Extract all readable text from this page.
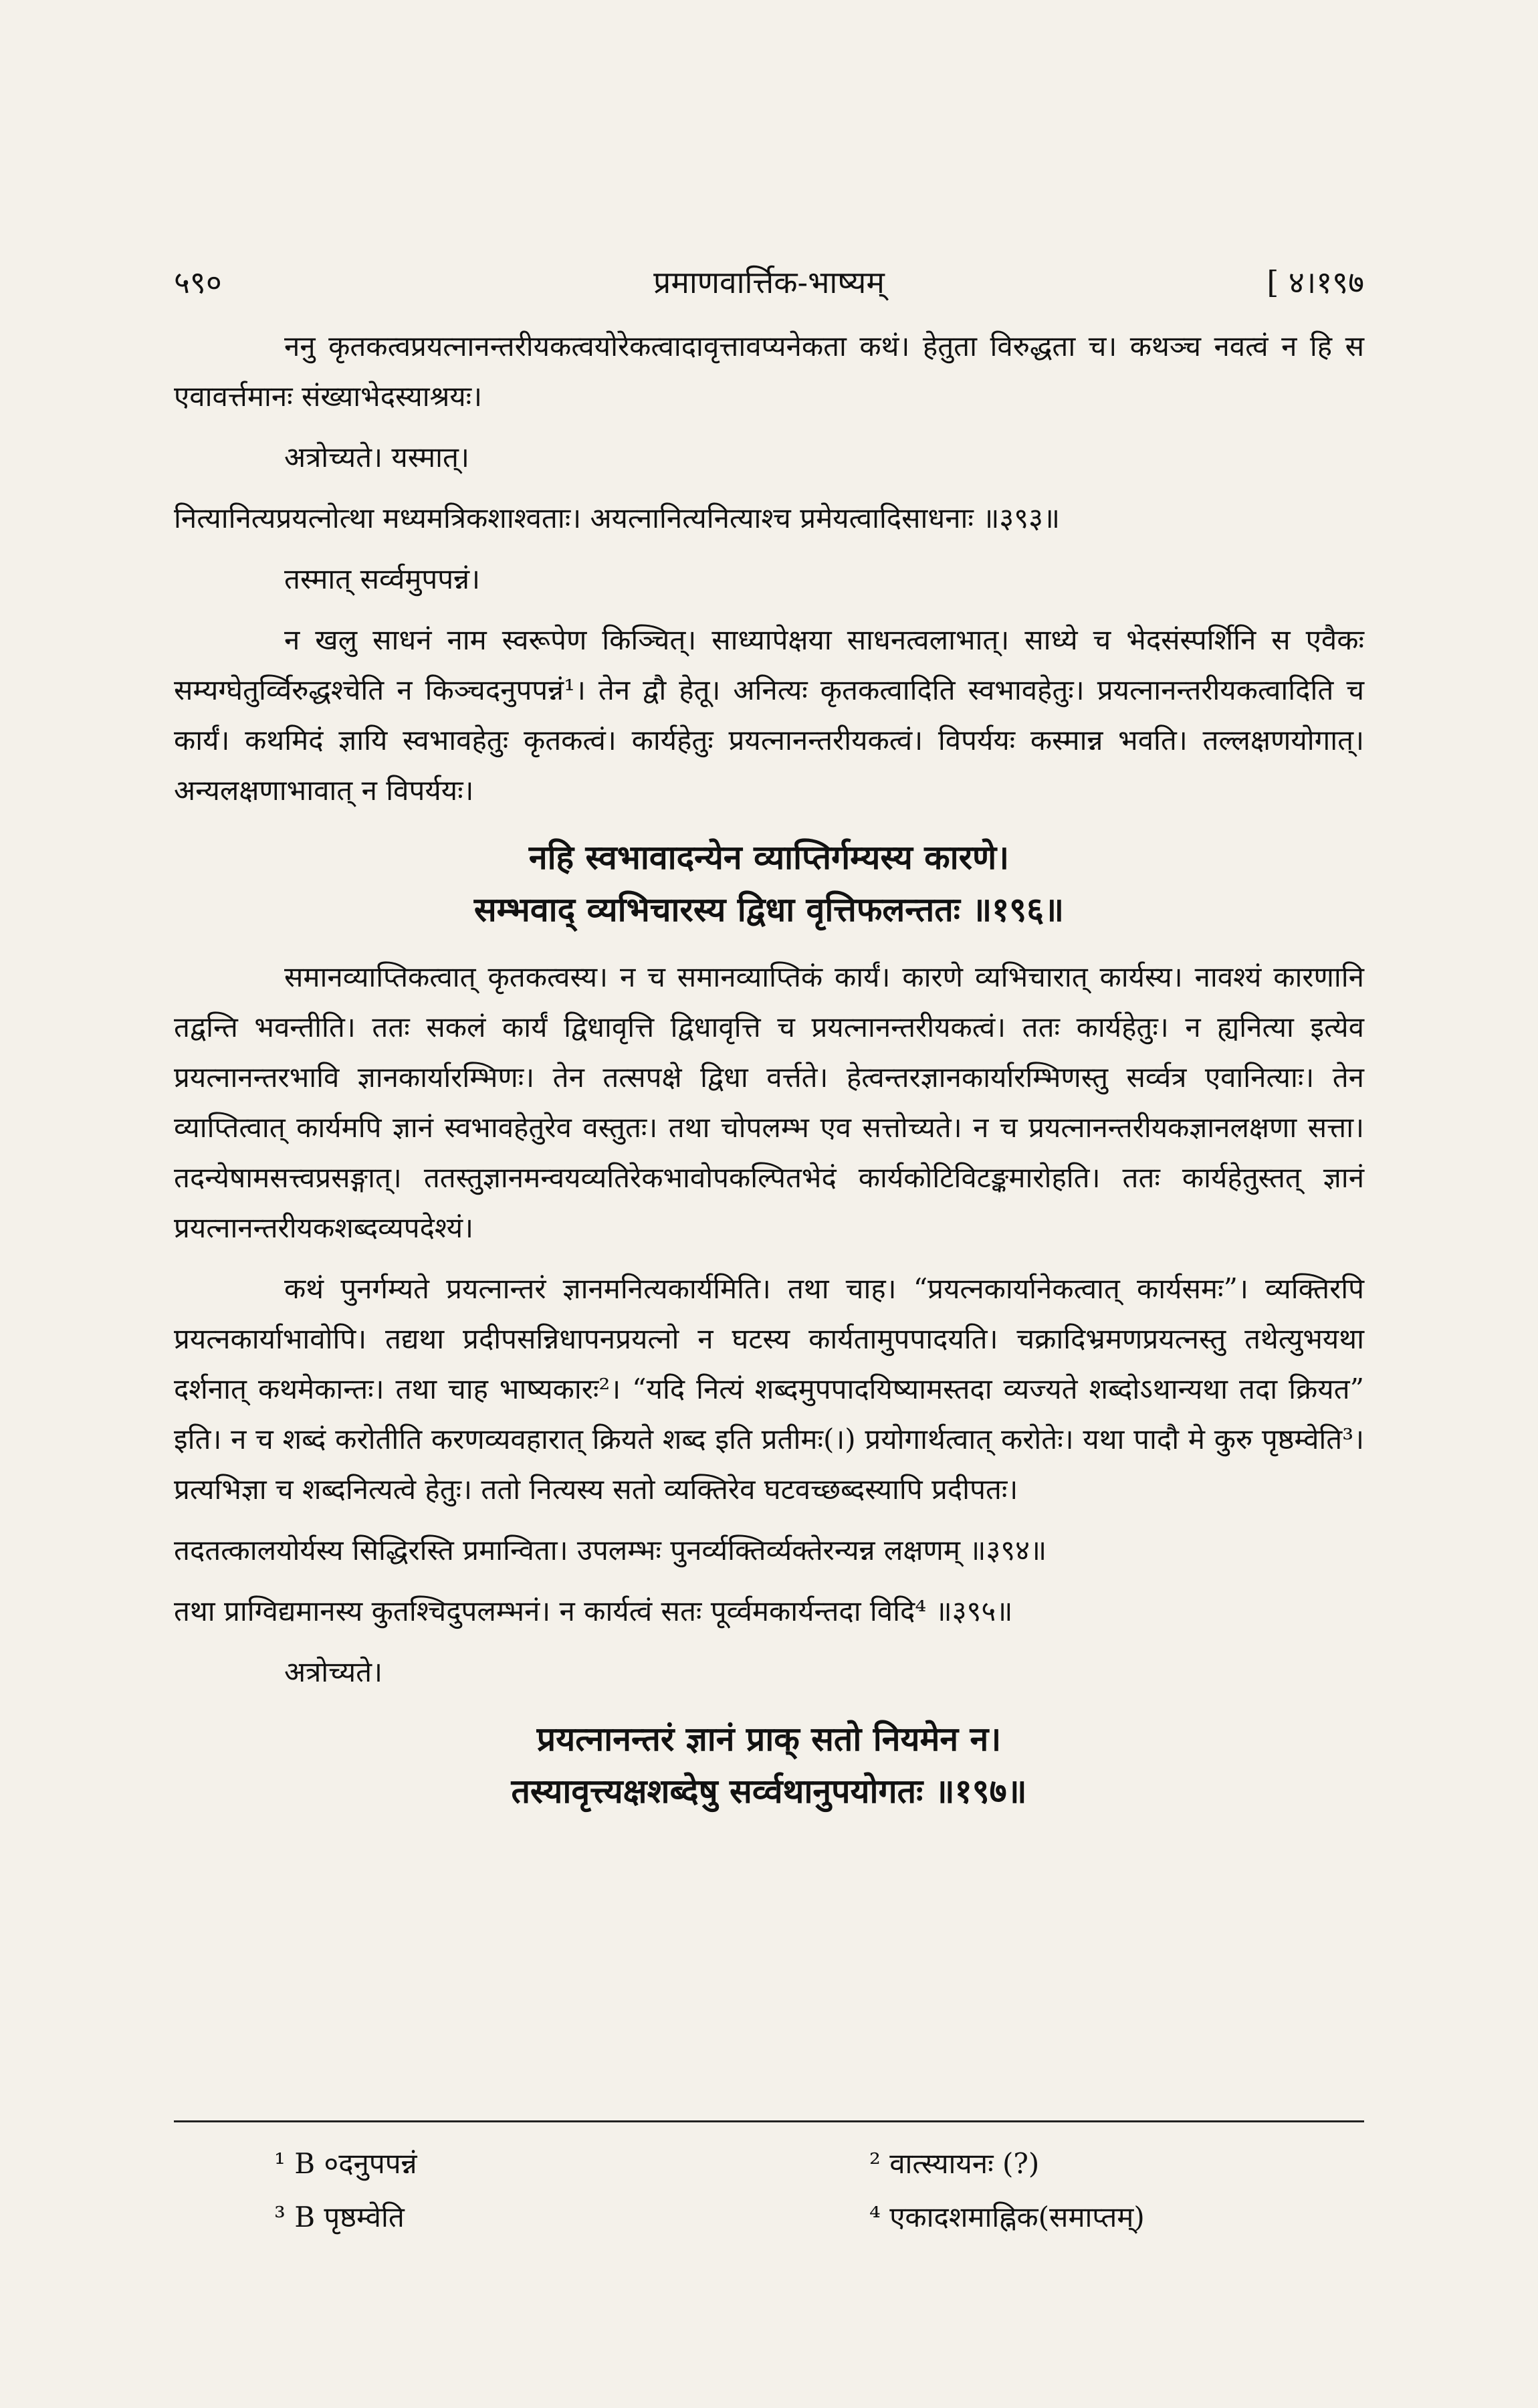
५९०	प्रमाणवार्त्तिक-भाष्यम्	[ ४।१९७

ननु कृतकत्वप्रयत्नानन्तरीयकत्वयोरेकत्वादावृत्तावप्यनेकता कथं। हेतुता विरुद्धता च। कथञ्च नवत्वं न हि स एवावर्त्तमानः संख्याभेदस्याश्रयः।

अत्रोच्यते। यस्मात्।

नित्यानित्यप्रयत्नोत्था मध्यमत्रिकशाश्वताः। अयत्नानित्यनित्याश्च प्रमेयत्वादिसाधनाः ॥३९३॥

तस्मात् सर्व्वमुपपन्नं।

न खलु साधनं नाम स्वरूपेण किञ्चित्। साध्यापेक्षया साधनत्वलाभात्। साध्ये च भेदसंस्पर्शिनि स एवैकः सम्यग्घेतुर्व्विरुद्धश्चेति न किञ्चदनुपपन्नं¹। तेन द्वौ हेतू। अनित्यः कृतकत्वादिति स्वभावहेतुः। प्रयत्नानन्तरीयकत्वादिति च कार्यं। कथमिदं ज्ञायि स्वभावहेतुः कृतकत्वं। कार्यहेतुः प्रयत्नानन्तरीयकत्वं। विपर्ययः कस्मान्न भवति। तल्लक्षणयोगात्। अन्यलक्षणाभावात् न विपर्ययः।

नहि स्वभावादन्येन व्याप्तिर्गम्यस्य कारणे।
सम्भवाद् व्यभिचारस्य द्विधा वृत्तिफलन्ततः ॥१९६॥

समानव्याप्तिकत्वात् कृतकत्वस्य। न च समानव्याप्तिकं कार्यं। कारणे व्यभिचारात् कार्यस्य। नावश्यं कारणानि तद्वन्ति भवन्तीति। ततः सकलं कार्यं द्विधावृत्ति द्विधावृत्ति च प्रयत्नानन्तरीयकत्वं। ततः कार्यहेतुः। न ह्यनित्या इत्येव प्रयत्नानन्तरभावि ज्ञानकार्यारम्भिणः। तेन तत्सपक्षे द्विधा वर्त्तते। हेत्वन्तरज्ञानकार्यारम्भिणस्तु सर्व्वत्र एवानित्याः। तेन व्याप्तित्वात् कार्यमपि ज्ञानं स्वभावहेतुरेव वस्तुतः। तथा चोपलम्भ एव सत्तोच्यते। न च प्रयत्नानन्तरीयकज्ञानलक्षणा सत्ता। तदन्येषामसत्त्वप्रसङ्गात्। ततस्तुज्ञानमन्वयव्यतिरेकभावोपकल्पितभेदं कार्यकोटिविटङ्कमारोहति। ततः कार्यहेतुस्तत् ज्ञानं प्रयत्नानन्तरीयकशब्दव्यपदेश्यं।

कथं पुनर्गम्यते प्रयत्नान्तरं ज्ञानमनित्यकार्यमिति। तथा चाह। “प्रयत्नकार्यानेकत्वात् कार्यसमः”। व्यक्तिरपि प्रयत्नकार्याभावोपि। तद्यथा प्रदीपसन्निधापनप्रयत्नो न घटस्य कार्यतामुपपादयति। चक्रादिभ्रमणप्रयत्नस्तु तथेत्युभयथा दर्शनात् कथमेकान्तः। तथा चाह भाष्यकारः²। “यदि नित्यं शब्दमुपपादयिष्यामस्तदा व्यज्यते शब्दोऽथान्यथा तदा क्रियत” इति। न च शब्दं करोतीति करणव्यवहारात् क्रियते शब्द इति प्रतीमः(।) प्रयोगार्थत्वात् करोतेः। यथा पादौ मे कुरु पृष्ठम्वेति³। प्रत्यभिज्ञा च शब्दनित्यत्वे हेतुः। ततो नित्यस्य सतो व्यक्तिरेव घटवच्छब्दस्यापि प्रदीपतः।

तदतत्कालयोर्यस्य सिद्धिरस्ति प्रमान्विता। उपलम्भः पुनर्व्यक्तिर्व्यक्तेरन्यन्न लक्षणम् ॥३९४॥

तथा प्राग्विद्यमानस्य कुतश्चिदुपलम्भनं। न कार्यत्वं सतः पूर्व्वमकार्यन्तदा विदि⁴ ॥३९५॥

अत्रोच्यते।

प्रयत्नानन्तरं ज्ञानं प्राक् सतो नियमेन न।
तस्यावृत्त्यक्षशब्देषु सर्व्वथानुपयोगतः ॥१९७॥
¹ B ०दनुपपन्नं	² वात्स्यायनः (?)
³ B पृष्ठम्वेति	⁴ एकादशमाह्निक(समाप्तम्)
